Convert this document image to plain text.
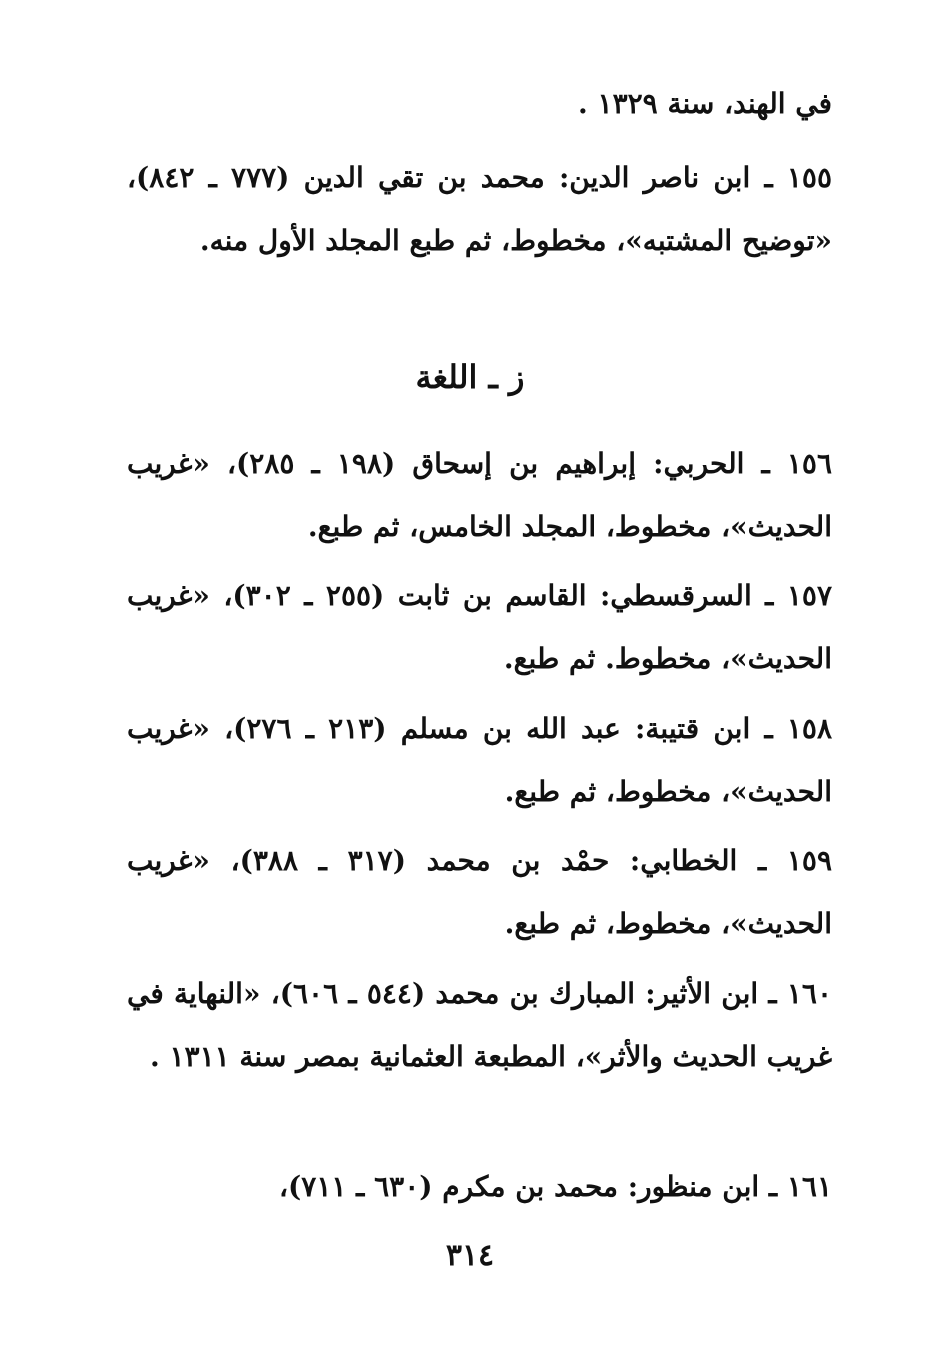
في الهند، سنة ١٣٢٩ .

١٥٥ ـ ابن ناصر الدين: محمد بن تقي الدين (٧٧٧ ـ ٨٤٢)، «توضيح المشتبه»، مخطوط، ثم طبع المجلد الأول منه.

ز ـ اللغة

١٥٦ ـ الحربي: إبراهيم بن إسحاق (١٩٨ ـ ٢٨٥)، «غريب الحديث»، مخطوط، المجلد الخامس، ثم طبع.

١٥٧ ـ السرقسطي: القاسم بن ثابت (٢٥٥ ـ ٣٠٢)، «غريب الحديث»، مخطوط. ثم طبع.

١٥٨ ـ ابن قتيبة: عبد الله بن مسلم (٢١٣ ـ ٢٧٦)، «غريب الحديث»، مخطوط، ثم طبع.

١٥٩ ـ الخطابي: حمْد بن محمد (٣١٧ ـ ٣٨٨)، «غريب الحديث»، مخطوط، ثم طبع.

١٦٠ ـ ابن الأثير: المبارك بن محمد (٥٤٤ ـ ٦٠٦)، «النهاية في غريب الحديث والأثر»، المطبعة العثمانية بمصر سنة ١٣١١ .

١٦١ ـ ابن منظور: محمد بن مكرم (٦٣٠ ـ ٧١١)،

٣١٤
